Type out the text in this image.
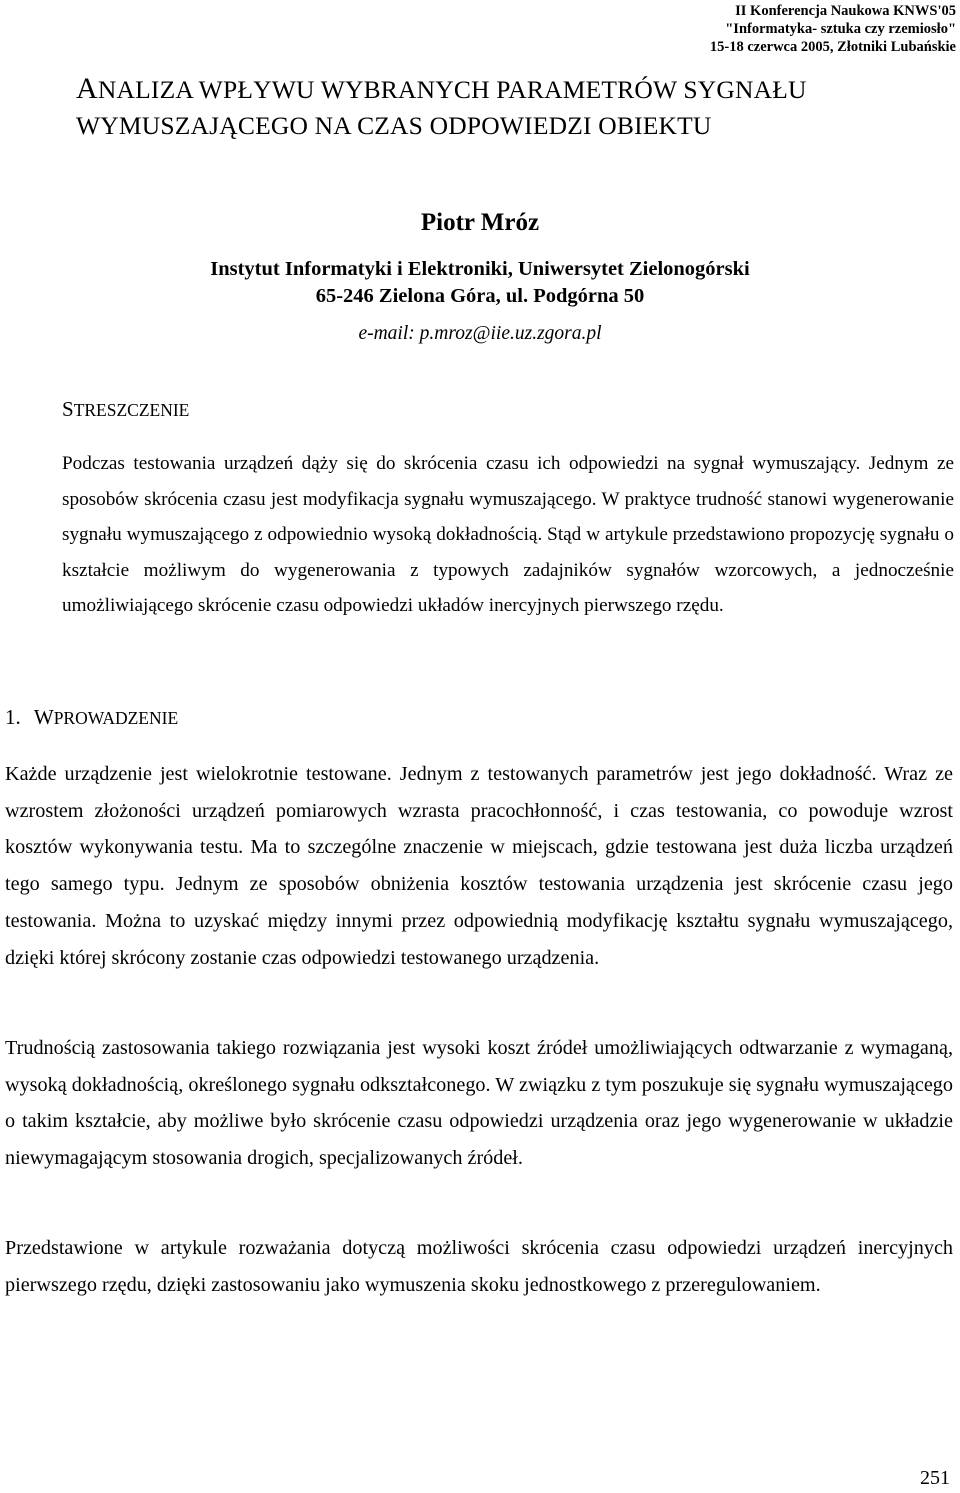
II Konferencja Naukowa KNWS'05
"Informatyka- sztuka czy rzemiosło"
15-18 czerwca 2005, Złotniki Lubańskie
ANALIZA WPŁYWU WYBRANYCH PARAMETRÓW SYGNAŁU
WYMUSZAJĄCEGO NA CZAS ODPOWIEDZI OBIEKTU
Piotr Mróz
Instytut Informatyki i Elektroniki, Uniwersytet Zielonogórski
65-246 Zielona Góra, ul. Podgórna 50
e-mail: p.mroz@iie.uz.zgora.pl
STRESZCZENIE

Podczas testowania urządzeń dąży się do skrócenia czasu ich odpowiedzi na sygnał wymuszający. Jednym ze sposobów skrócenia czasu jest modyfikacja sygnału wymuszającego. W praktyce trudność stanowi wygenerowanie sygnału wymuszającego z odpowiednio wysoką dokładnością. Stąd w artykule przedstawiono propozycję sygnału o kształcie możliwym do wygenerowania z typowych zadajników sygnałów wzorcowych, a jednocześnie umożliwiającego skrócenie czasu odpowiedzi układów inercyjnych pierwszego rzędu.

1. WPROWADZENIE

Każde urządzenie jest wielokrotnie testowane. Jednym z testowanych parametrów jest jego dokładność. Wraz ze wzrostem złożoności urządzeń pomiarowych wzrasta pracochłonność, i czas testowania, co powoduje wzrost kosztów wykonywania testu. Ma to szczególne znaczenie w miejscach, gdzie testowana jest duża liczba urządzeń tego samego typu. Jednym ze sposobów obniżenia kosztów testowania urządzenia jest skrócenie czasu jego testowania. Można to uzyskać między innymi przez odpowiednią modyfikację kształtu sygnału wymuszającego, dzięki której skrócony zostanie czas odpowiedzi testowanego urządzenia.

Trudnością zastosowania takiego rozwiązania jest wysoki koszt źródeł umożliwiających odtwarzanie z wymaganą, wysoką dokładnością, określonego sygnału odkształconego. W związku z tym poszukuje się sygnału wymuszającego o takim kształcie, aby możliwe było skrócenie czasu odpowiedzi urządzenia oraz jego wygenerowanie w układzie niewymagającym stosowania drogich, specjalizowanych źródeł.

Przedstawione w artykule rozważania dotyczą możliwości skrócenia czasu odpowiedzi urządzeń inercyjnych pierwszego rzędu, dzięki zastosowaniu jako wymuszenia skoku jednostkowego z przeregulowaniem.

251
